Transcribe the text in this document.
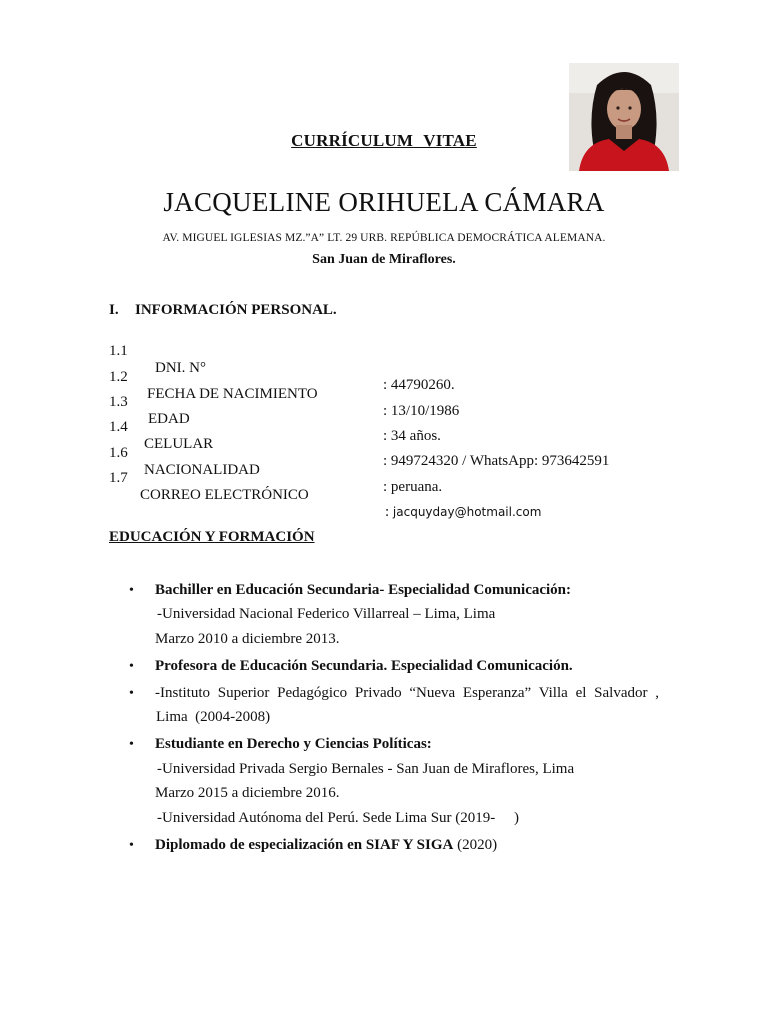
CURRÍCULUM VITAE
JACQUELINE ORIHUELA CÁMARA
AV. MIGUEL IGLESIAS MZ.”A” LT. 29 URB. REPÚBLICA DEMOCRÁTICA ALEMANA.
San Juan de Miraflores.
I. INFORMACIÓN PERSONAL.

1.1

DNI. N°

: 44790260.

1.2

FECHA DE NACIMIENTO

: 13/10/1986

1.3

EDAD

: 34 años.

1.4

CELULAR

: 949724320 / WhatsApp: 973642591

1.6

NACIONALIDAD

: peruana.

1.7

CORREO ELECTRÓNICO

: jacquyday@hotmail.com

EDUCACIÓN Y FORMACIÓN
• Bachiller en Educación Secundaria- Especialidad Comunicación:
-Universidad Nacional Federico Villarreal – Lima, Lima
Marzo 2010 a diciembre 2013.
• Profesora de Educación Secundaria. Especialidad Comunicación.
• -Instituto Superior Pedagógico Privado “Nueva Esperanza” Villa el Salvador ,
Lima  (2004-2008)
• Estudiante en Derecho y Ciencias Políticas:
-Universidad Privada Sergio Bernales - San Juan de Miraflores, Lima
Marzo 2015 a diciembre 2016.
-Universidad Autónoma del Perú. Sede Lima Sur (2019-     )
• Diplomado de especialización en SIAF Y SIGA (2020)
